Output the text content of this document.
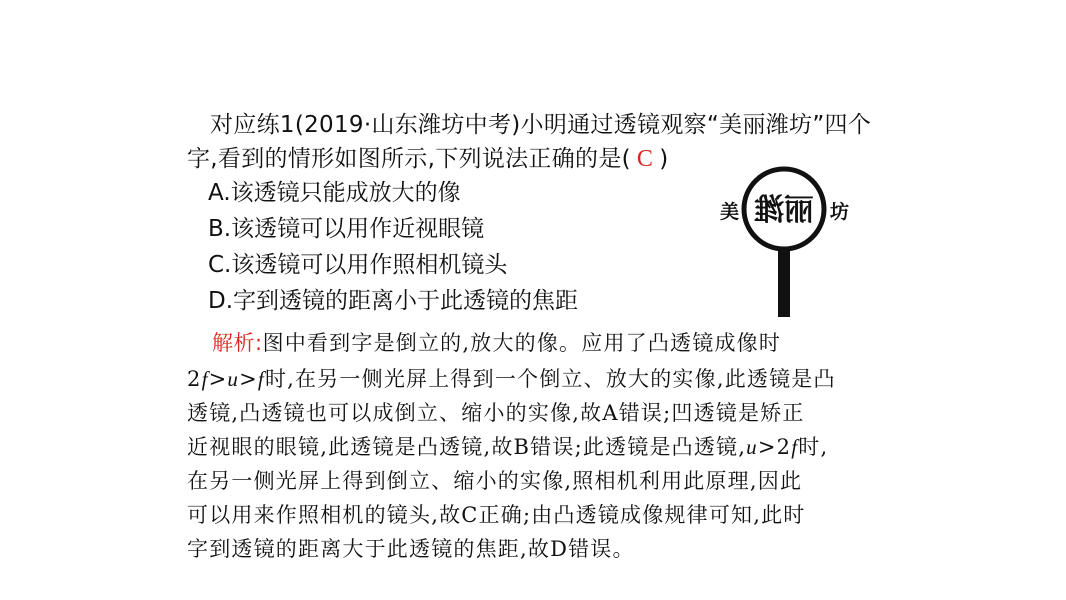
对应练1(2019·山东潍坊中考)小明通过透镜观察“美丽潍坊”四个
字,看到的情形如图所示,下列说法正确的是( C )
A.该透镜只能成放大的像
B.该透镜可以用作近视眼镜
C.该透镜可以用作照相机镜头
D.字到透镜的距离小于此透镜的焦距
美	坊
丽潍
解析:图中看到字是倒立的,放大的像。应用了凸透镜成像时
2f>u>f时,在另一侧光屏上得到一个倒立、放大的实像,此透镜是凸
透镜,凸透镜也可以成倒立、缩小的实像,故A错误;凹透镜是矫正
近视眼的眼镜,此透镜是凸透镜,故B错误;此透镜是凸透镜,u>2f时,
在另一侧光屏上得到倒立、缩小的实像,照相机利用此原理,因此
可以用来作照相机的镜头,故C正确;由凸透镜成像规律可知,此时
字到透镜的距离大于此透镜的焦距,故D错误。
